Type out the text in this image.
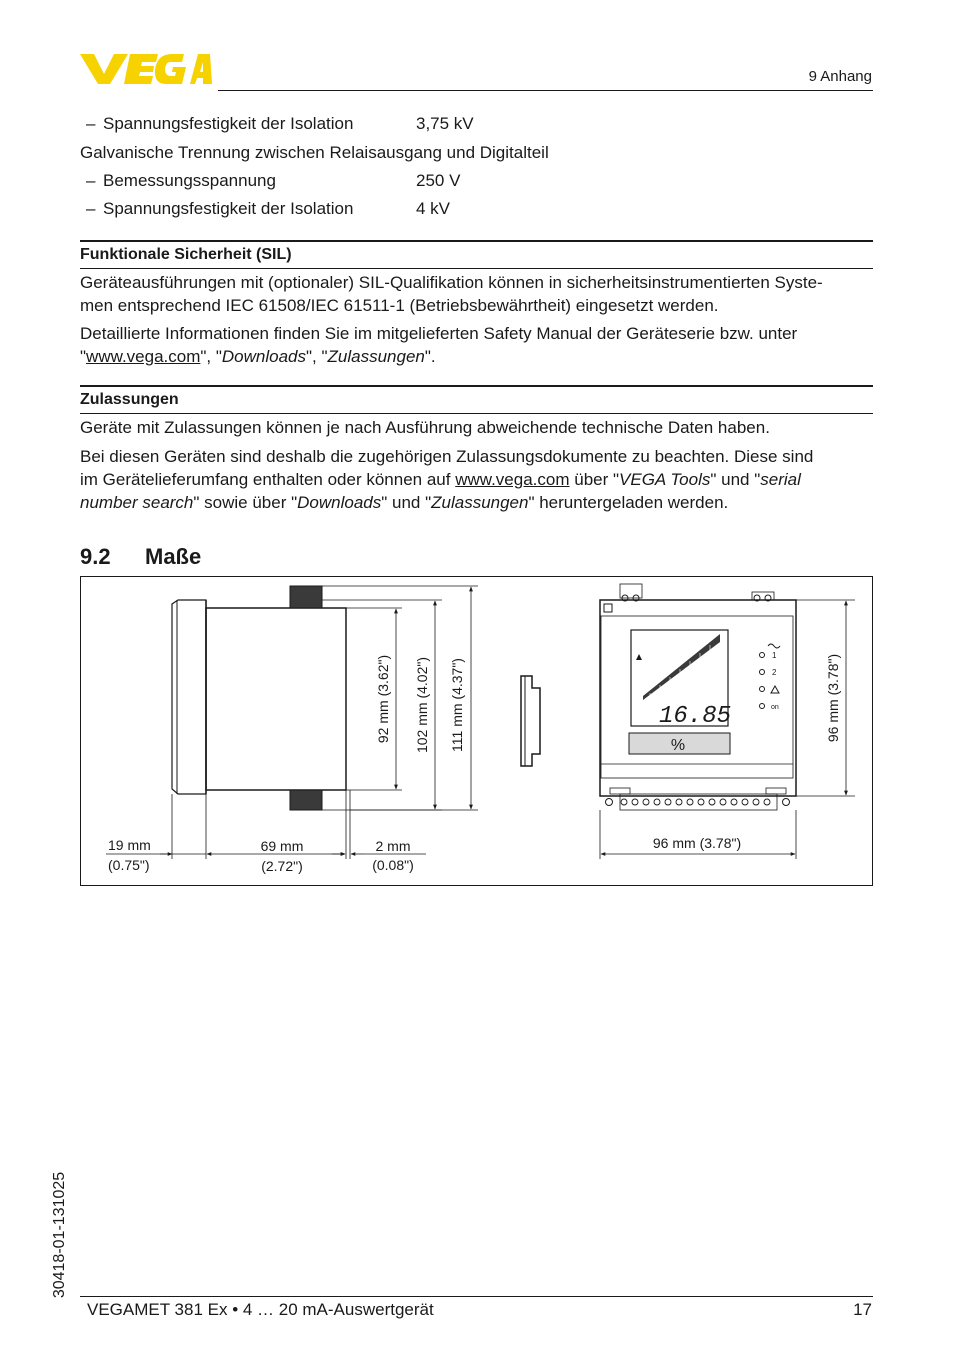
9 Anhang
– Spannungsfestigkeit der Isolation	3,75 kV
Galvanische Trennung zwischen Relaisausgang und Digitalteil
– Bemessungsspannung	250 V
– Spannungsfestigkeit der Isolation	4 kV
Funktionale Sicherheit (SIL)
Geräteausführungen mit (optionaler) SIL-Qualifikation können in sicherheitsinstrumentierten Syste-
men entsprechend IEC 61508/IEC 61511-1 (Betriebsbewährtheit) eingesetzt werden.
Detaillierte Informationen finden Sie im mitgelieferten Safety Manual der Geräteserie bzw. unter
"www.vega.com", "Downloads", "Zulassungen".
Zulassungen
Geräte mit Zulassungen können je nach Ausführung abweichende technische Daten haben.
Bei diesen Geräten sind deshalb die zugehörigen Zulassungsdokumente zu beachten. Diese sind
im Gerätelieferumfang enthalten oder können auf www.vega.com über "VEGA Tools" und "serial
number search" sowie über "Downloads" und "Zulassungen" heruntergeladen werden.
9.2 Maße
92 mm (3.62") 102 mm (4.02") 111 mm (4.37")
19 mm
(0.75")
69 mm
(2.72")
2 mm
(0.08")
16.85
%
1
2
on	96 mm (3.78")
96 mm (3.78")
30418-01-131025
VEGAMET 381 Ex • 4 … 20 mA-Auswertgerät	17
